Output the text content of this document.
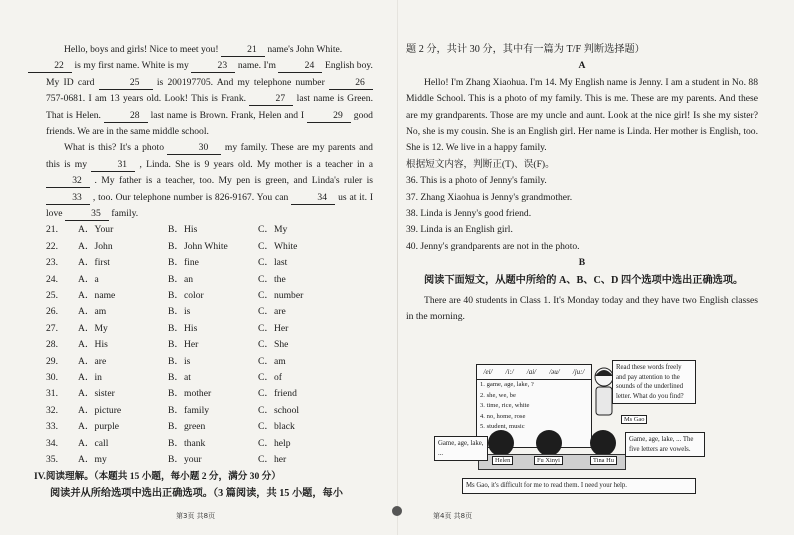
Hello, boys and girls! Nice to meet you!	21 name's John White.
22 is my first name. White is my	23 name. I'm	24 English boy. My ID card	25 is 200197705. And my telephone number	26 757-0681. I am 13 years old. Look! This is Frank.	27 last name is Green. That is Helen.	28 last name is Brown. Frank, Helen and I	29 good friends. We are in the same middle school.

What is this? It's a photo	30 my family. These are my parents and this is my	31 , Linda. She is 9 years old. My mother is a teacher in a 32 . My father is a teacher, too. My pen is green, and Linda's ruler is 33 , too. Our telephone number is 826-9167. You can	34 us at it. I love	35 family.

21.	A．Your	B．His	C．My
22.	A．John	B．John White	C．White
23.	A．first	B．fine	C．last
24.	A．a	B．an	C．the
25.	A．name	B．color	C．number
26.	A．am	B．is	C．are
27.	A．My	B．His	C．Her
28.	A．His	B．Her	C．She
29.	A．are	B．is	C．am
30.	A．in	B．at	C．of
31.	A．sister	B．mother	C．friend
32.	A．picture	B．family	C．school
33.	A．purple	B．green	C．black
34.	A．call	B．thank	C．help
35.	A．my	B．your	C．her
IV.阅读理解。（本题共 15 小题，每小题 2 分，满分 30 分）
阅读并从所给选项中选出正确选项。（3 篇阅读，共 15 小题，每小
第3页 共8页
题 2 分，共计 30 分，其中有一篇为 T/F 判断选择题）
A

Hello! I'm Zhang Xiaohua. I'm 14. My English name is Jenny. I am a student in No. 88 Middle School. This is a photo of my family. This is me. These are my parents. And these are my grandparents. Those are my uncle and aunt. Look at the nice girl! Is she my sister? No, she is my cousin. She is an English girl. Her name is Linda. Her mother is English, too. She is 12. We live in a happy family.

根据短文内容，判断正(T)、误(F)。
36. This is a photo of Jenny's family.
37. Zhang Xiaohua is Jenny's grandmother.
38. Linda is Jenny's good friend.
39. Linda is an English girl.
40. Jenny's grandparents are not in the photo.
B
阅读下面短文，从题中所给的 A、B、C、D 四个选项中选出正确选项。

There are 40 students in Class 1. It's Monday today and they have two English classes in the morning.

第4页 共8页
/ei/ /i:/ /ai/ /əu/ /ju:/
1. game, age, lake, ?
2. she, we, be
3. time, rice, white
4. no, home, rose
5. student, music
Read these words freely and pay attention to the sounds of the underlined letter. What do you find?
Ms Gao
Helen	Fu Xinyi	Tina Hu
Game, age, lake, ...
Game, age, lake, ... The five letters are vowels.
Ms Gao, it's difficult for me to read them. I need your help.
